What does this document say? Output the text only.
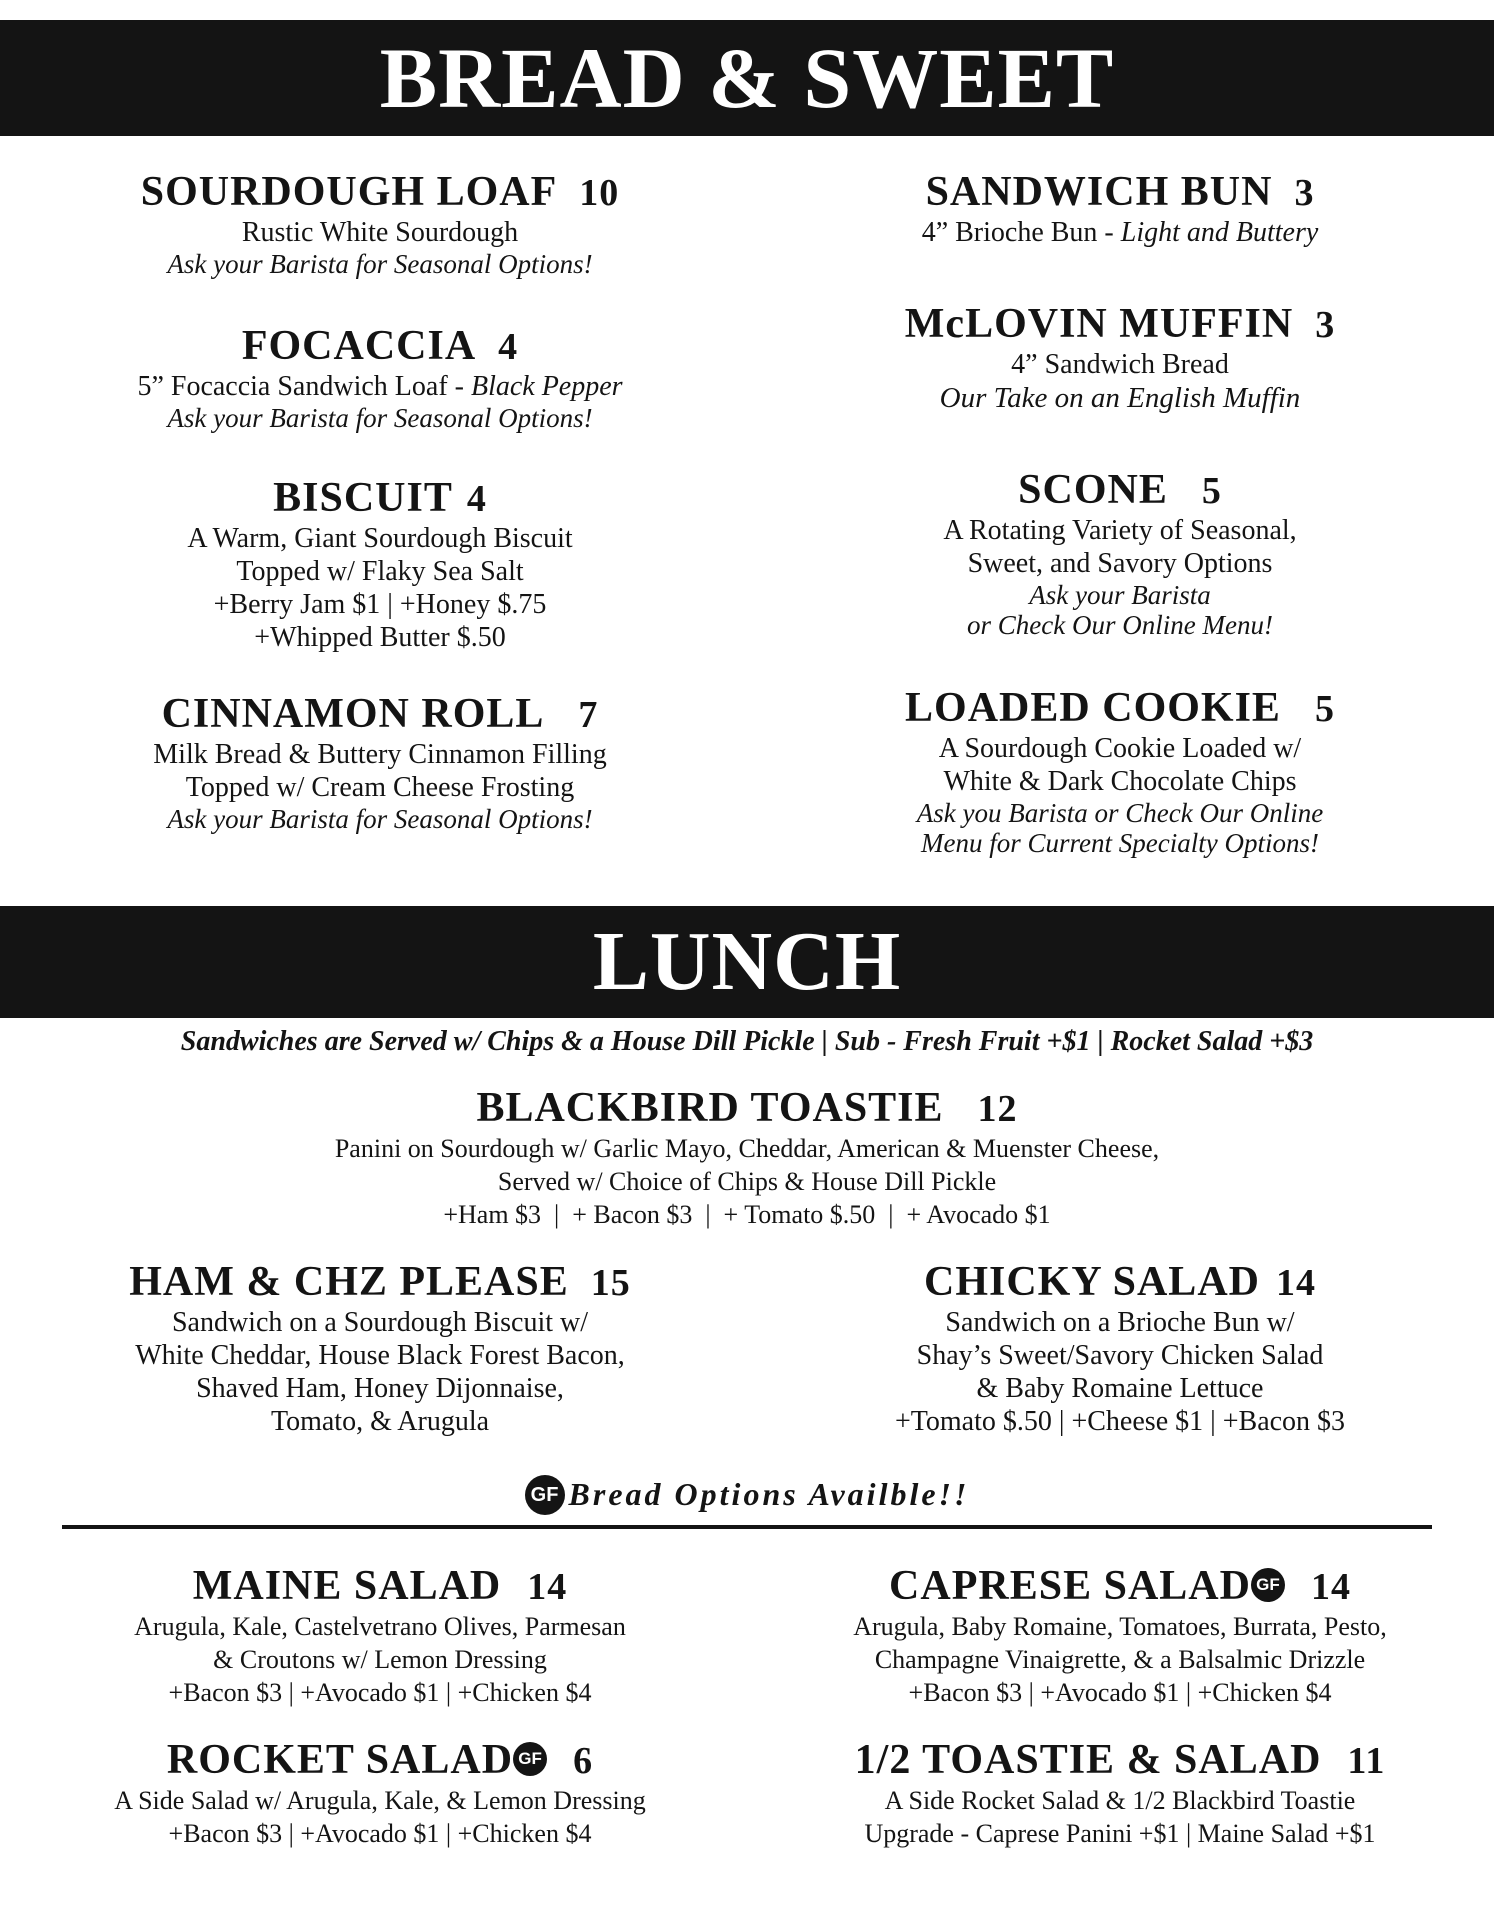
BREAD & SWEET
SOURDOUGH LOAF 10
Rustic White Sourdough
Ask your Barista for Seasonal Options!
FOCACCIA 4
5” Focaccia Sandwich Loaf - Black Pepper
Ask your Barista for Seasonal Options!
BISCUIT 4
A Warm, Giant Sourdough Biscuit
Topped w/ Flaky Sea Salt
+Berry Jam $1 | +Honey $.75
+Whipped Butter $.50
CINNAMON ROLL 7
Milk Bread & Buttery Cinnamon Filling
Topped w/ Cream Cheese Frosting
Ask your Barista for Seasonal Options!
SANDWICH BUN 3
4” Brioche Bun - Light and Buttery
McLOVIN MUFFIN 3
4” Sandwich Bread
Our Take on an English Muffin
SCONE 5
A Rotating Variety of Seasonal,
Sweet, and Savory Options
Ask your Barista
or Check Our Online Menu!
LOADED COOKIE 5
A Sourdough Cookie Loaded w/
White & Dark Chocolate Chips
Ask you Barista or Check Our Online
Menu for Current Specialty Options!
LUNCH
Sandwiches are Served w/ Chips & a House Dill Pickle | Sub - Fresh Fruit +$1 | Rocket Salad +$3
BLACKBIRD TOASTIE 12
Panini on Sourdough w/ Garlic Mayo, Cheddar, American & Muenster Cheese,
Served w/ Choice of Chips & House Dill Pickle
+Ham $3  |  + Bacon $3  |  + Tomato $.50  |  + Avocado $1
HAM & CHZ PLEASE 15
Sandwich on a Sourdough Biscuit w/
White Cheddar, House Black Forest Bacon,
Shaved Ham, Honey Dijonnaise,
Tomato, & Arugula
CHICKY SALAD 14
Sandwich on a Brioche Bun w/
Shay’s Sweet/Savory Chicken Salad
& Baby Romaine Lettuce
+Tomato $.50 | +Cheese $1 | +Bacon $3
GF Bread Options Availble!!
MAINE SALAD 14
Arugula, Kale, Castelvetrano Olives, Parmesan
& Croutons w/ Lemon Dressing
+Bacon $3 | +Avocado $1 | +Chicken $4
CAPRESE SALAD GF 14
Arugula, Baby Romaine, Tomatoes, Burrata, Pesto,
Champagne Vinaigrette, & a Balsalmic Drizzle
+Bacon $3 | +Avocado $1 | +Chicken $4
ROCKET SALAD GF 6
A Side Salad w/ Arugula, Kale, & Lemon Dressing
+Bacon $3 | +Avocado $1 | +Chicken $4
1/2 TOASTIE & SALAD 11
A Side Rocket Salad & 1/2 Blackbird Toastie
Upgrade - Caprese Panini +$1 | Maine Salad +$1
